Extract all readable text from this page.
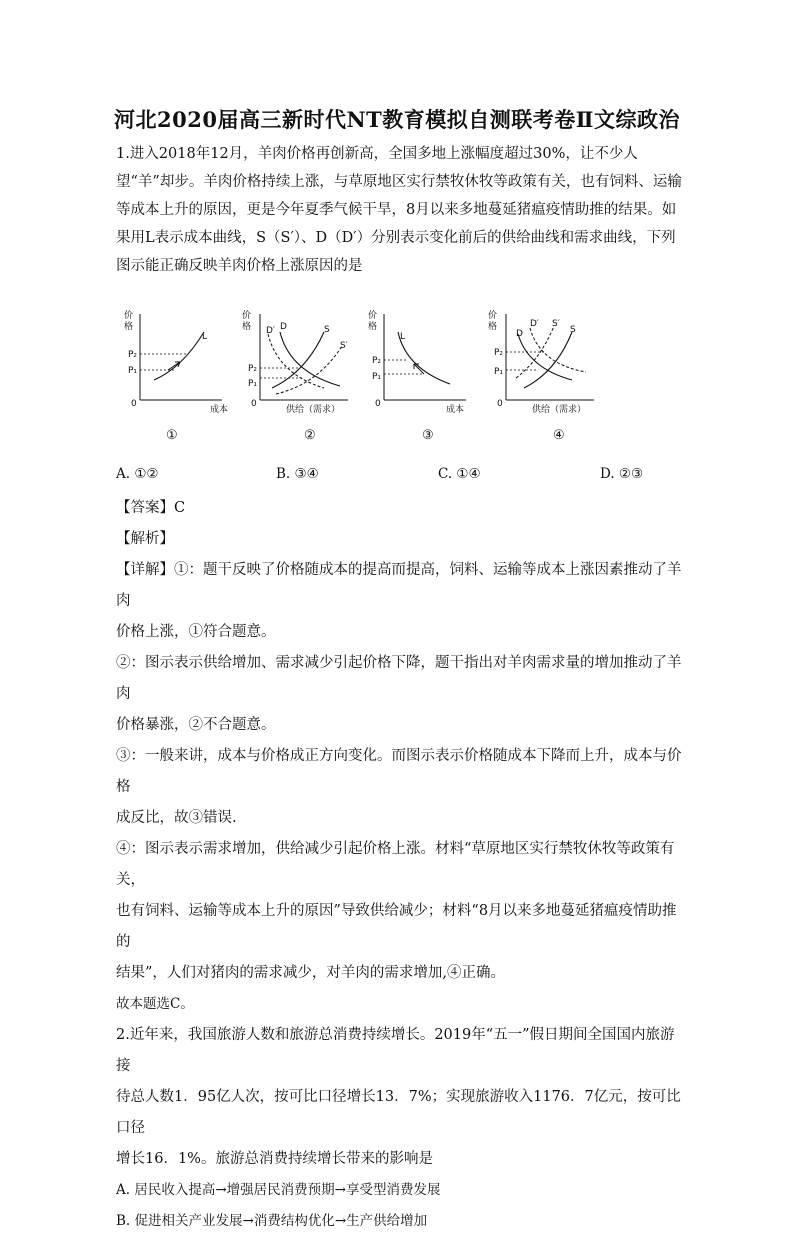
河北2020届高三新时代NT教育模拟自测联考卷Ⅱ文综政治
1.进入2018年12月，羊肉价格再创新高，全国多地上涨幅度超过30%，让不少人望“羊”却步。羊肉价格持续上涨，与草原地区实行禁牧休牧等政策有关，也有饲料、运输等成本上升的原因，更是今年夏季气候干旱，8月以来多地蔓延猪瘟疫情助推的结果。如果用L表示成本曲线，S（S′）、D（D′）分别表示变化前后的供给曲线和需求曲线，下列图示能正确反映羊肉价格上涨原因的是
价
格
P₂
P₁
0
L
成本
价
格 D′ D	S
S′
P₂
P₁
0
供给（需求）
价
格
L
P₂
P₁
0
成本
价
格
D
D′ S′
S
P₂
P₁
0
供给（需求）
①	②	③	④
A. ①②	B. ③④	C. ①④	D. ②③
【答案】C
【解析】
【详解】①：题干反映了价格随成本的提高而提高，饲料、运输等成本上涨因素推动了羊肉
价格上涨，①符合题意。
②：图示表示供给增加、需求减少引起价格下降，题干指出对羊肉需求量的增加推动了羊肉
价格暴涨，②不合题意。
③：一般来讲，成本与价格成正方向变化。而图示表示价格随成本下降而上升，成本与价格
成反比，故③错误.
④：图示表示需求增加，供给减少引起价格上涨。材料“草原地区实行禁牧休牧等政策有关，
也有饲料、运输等成本上升的原因”导致供给减少；材料“8月以来多地蔓延猪瘟疫情助推的
结果”，人们对猪肉的需求减少，对羊肉的需求增加,④正确。
故本题选C。
2.近年来，我国旅游人数和旅游总消费持续增长。2019年“五一”假日期间全国国内旅游接
待总人数1．95亿人次，按可比口径增长13．7%；实现旅游收入1176．7亿元，按可比口径
增长16．1%。旅游总消费持续增长带来的影响是
A. 居民收入提高→增强居民消费预期→享受型消费发展
B. 促进相关产业发展→消费结构优化→生产供给增加
